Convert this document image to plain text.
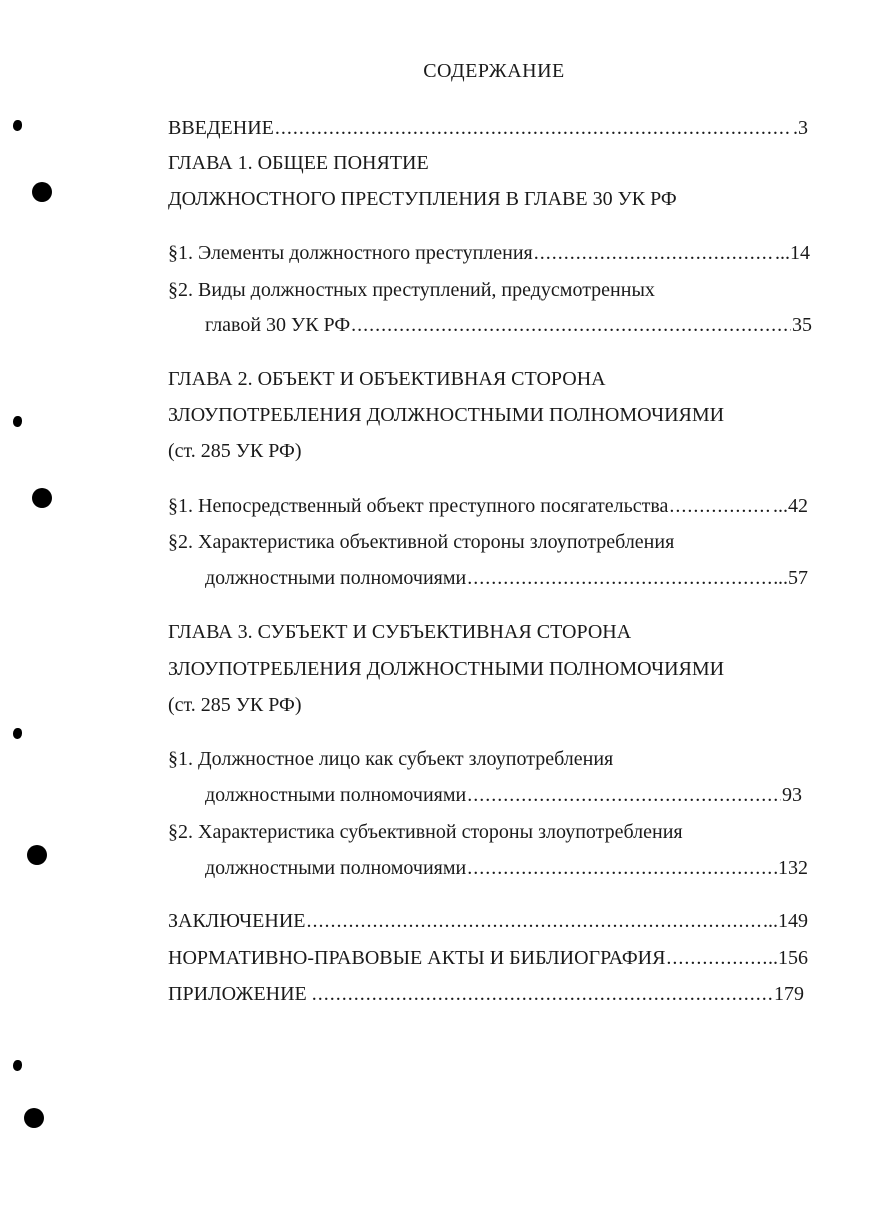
СОДЕРЖАНИЕ
ВВЕДЕНИЕ . . .	.3
ГЛАВА 1. ОБЩЕЕ ПОНЯТИЕ
ДОЛЖНОСТНОГО ПРЕСТУПЛЕНИЯ В ГЛАВЕ 30 УК РФ
§1. Элементы должностного преступления . . .	...14
§2. Виды должностных преступлений, предусмотренных
главой 30 УК РФ . . .	35
ГЛАВА 2. ОБЪЕКТ И ОБЪЕКТИВНАЯ СТОРОНА
ЗЛОУПОТРЕБЛЕНИЯ ДОЛЖНОСТНЫМИ ПОЛНОМОЧИЯМИ
(ст. 285 УК РФ)
§1. Непосредственный объект преступного посягательства . . .	...42
§2. Характеристика объективной стороны злоупотребления
должностными полномочиями . . .	..57
ГЛАВА 3. СУБЪЕКТ И СУБЪЕКТИВНАЯ СТОРОНА
ЗЛОУПОТРЕБЛЕНИЯ ДОЛЖНОСТНЫМИ ПОЛНОМОЧИЯМИ
(ст. 285 УК РФ)
§1. Должностное лицо как субъект злоупотребления
должностными полномочиями . . .	93
§2. Характеристика субъективной стороны злоупотребления
должностными полномочиями . . .	132
ЗАКЛЮЧЕНИЕ . . .	...149
НОРМАТИВНО-ПРАВОВЫЕ АКТЫ И БИБЛИОГРАФИЯ . . .	..156
ПРИЛОЖЕНИЕ . . . .	179
